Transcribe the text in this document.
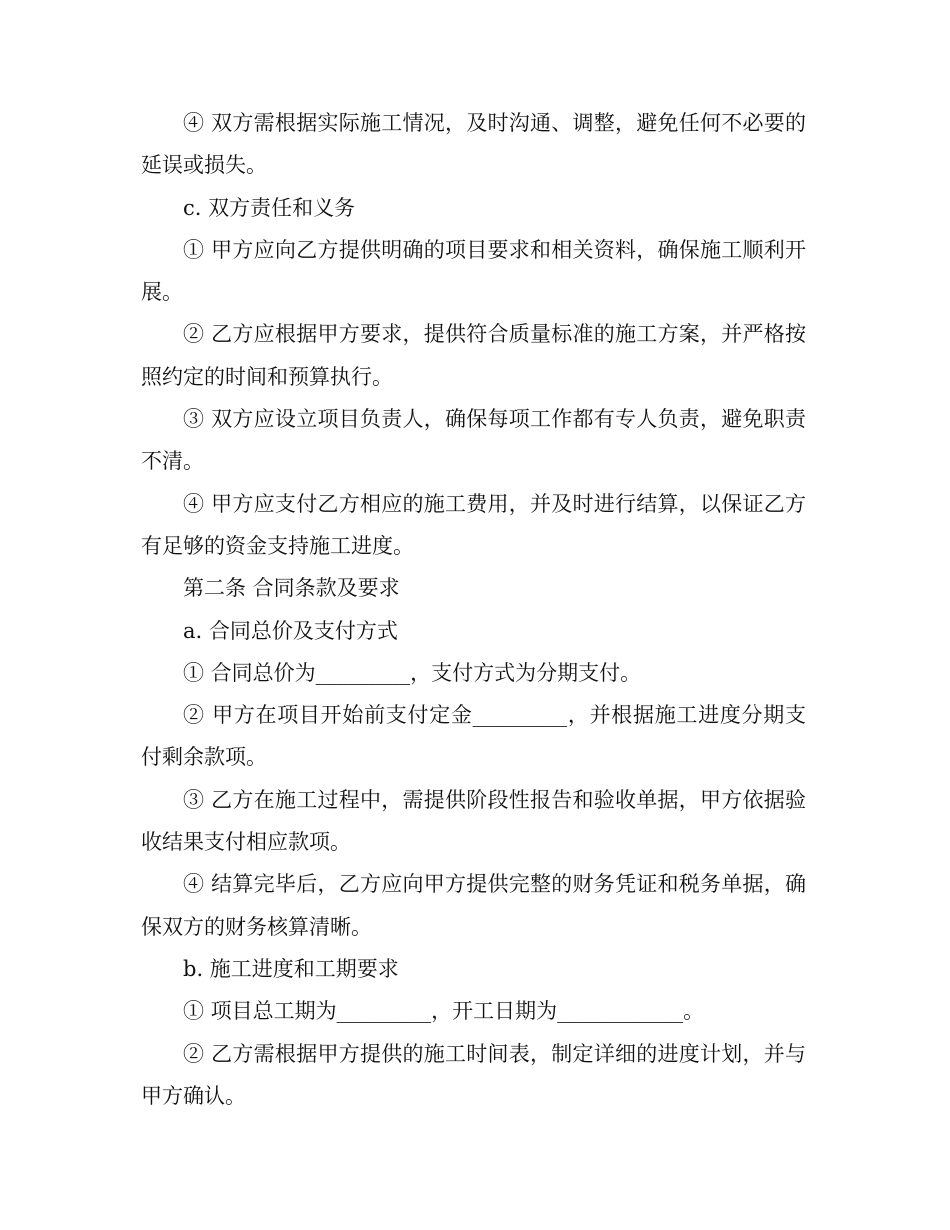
④ 双方需根据实际施工情况，及时沟通、调整，避免任何不必要的延误或损失。

c. 双方责任和义务

① 甲方应向乙方提供明确的项目要求和相关资料，确保施工顺利开展。

② 乙方应根据甲方要求，提供符合质量标准的施工方案，并严格按照约定的时间和预算执行。

③ 双方应设立项目负责人，确保每项工作都有专人负责，避免职责不清。

④ 甲方应支付乙方相应的施工费用，并及时进行结算，以保证乙方有足够的资金支持施工进度。

第二条 合同条款及要求

a. 合同总价及支付方式

① 合同总价为_________，支付方式为分期支付。

② 甲方在项目开始前支付定金_________，并根据施工进度分期支付剩余款项。

③ 乙方在施工过程中，需提供阶段性报告和验收单据，甲方依据验收结果支付相应款项。

④ 结算完毕后，乙方应向甲方提供完整的财务凭证和税务单据，确保双方的财务核算清晰。

b. 施工进度和工期要求

① 项目总工期为_________，开工日期为____________。

② 乙方需根据甲方提供的施工时间表，制定详细的进度计划，并与甲方确认。
